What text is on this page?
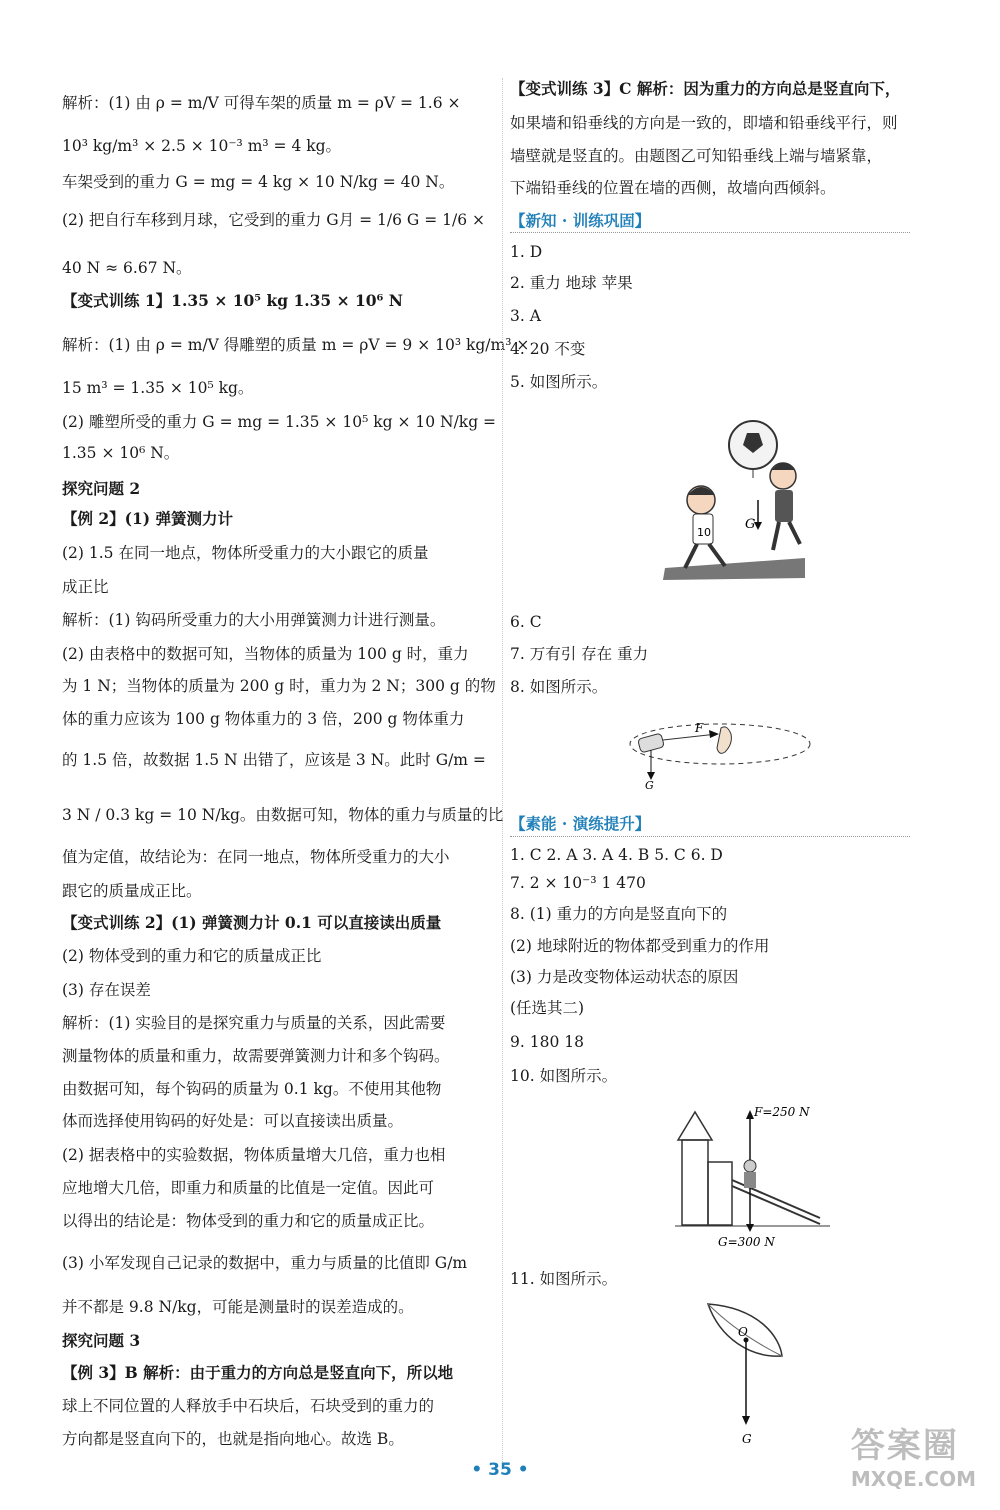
解析：(1) 由 ρ = m/V 可得车架的质量 m = ρV = 1.6 ×
10³ kg/m³ × 2.5 × 10⁻³ m³ = 4 kg。
车架受到的重力 G = mg = 4 kg × 10 N/kg = 40 N。
(2) 把自行车移到月球，它受到的重力 G月 = 1/6 G = 1/6 ×
40 N ≈ 6.67 N。
【变式训练 1】1.35 × 10⁵ kg 1.35 × 10⁶ N
解析：(1) 由 ρ = m/V 得雕塑的质量 m = ρV = 9 × 10³ kg/m³ ×
15 m³ = 1.35 × 10⁵ kg。
(2) 雕塑所受的重力 G = mg = 1.35 × 10⁵ kg × 10 N/kg =
1.35 × 10⁶ N。
探究问题 2
【例 2】(1) 弹簧测力计
(2) 1.5 在同一地点，物体所受重力的大小跟它的质量
成正比
解析：(1) 钩码所受重力的大小用弹簧测力计进行测量。
(2) 由表格中的数据可知，当物体的质量为 100 g 时，重力
为 1 N；当物体的质量为 200 g 时，重力为 2 N；300 g 的物
体的重力应该为 100 g 物体重力的 3 倍，200 g 物体重力
的 1.5 倍，故数据 1.5 N 出错了，应该是 3 N。此时 G/m =
3 N / 0.3 kg = 10 N/kg。由数据可知，物体的重力与质量的比
值为定值，故结论为：在同一地点，物体所受重力的大小
跟它的质量成正比。
【变式训练 2】(1) 弹簧测力计 0.1 可以直接读出质量
(2) 物体受到的重力和它的质量成正比
(3) 存在误差
解析：(1) 实验目的是探究重力与质量的关系，因此需要
测量物体的质量和重力，故需要弹簧测力计和多个钩码。
由数据可知，每个钩码的质量为 0.1 kg。不使用其他物
体而选择使用钩码的好处是：可以直接读出质量。
(2) 据表格中的实验数据，物体质量增大几倍，重力也相
应地增大几倍，即重力和质量的比值是一定值。因此可
以得出的结论是：物体受到的重力和它的质量成正比。
(3) 小军发现自己记录的数据中，重力与质量的比值即 G/m
并不都是 9.8 N/kg，可能是测量时的误差造成的。
探究问题 3
【例 3】B 解析：由于重力的方向总是竖直向下，所以地
球上不同位置的人释放手中石块后，石块受到的重力的
方向都是竖直向下的，也就是指向地心。故选 B。
【新知 · 训练巩固】
【素能 · 演练提升】
【变式训练 3】C 解析：因为重力的方向总是竖直向下，
如果墙和铅垂线的方向是一致的，即墙和铅垂线平行，则
墙壁就是竖直的。由题图乙可知铅垂线上端与墙紧靠，
下端铅垂线的位置在墙的西侧，故墙向西倾斜。
1. D
2. 重力 地球 苹果
3. A
4. 20 不变
5. 如图所示。
6. C
7. 万有引 存在 重力
8. 如图所示。
1. C 2. A 3. A 4. B 5. C 6. D
7. 2 × 10⁻³ 1 470
8. (1) 重力的方向是竖直向下的
(2) 地球附近的物体都受到重力的作用
(3) 力是改变物体运动状态的原因
(任选其二)
9. 180 18
10. 如图所示。
11. 如图所示。
10
G
F
G
F=250 N
G=300 N
O
G
• 35 •
答案圈
MXQE.COM
